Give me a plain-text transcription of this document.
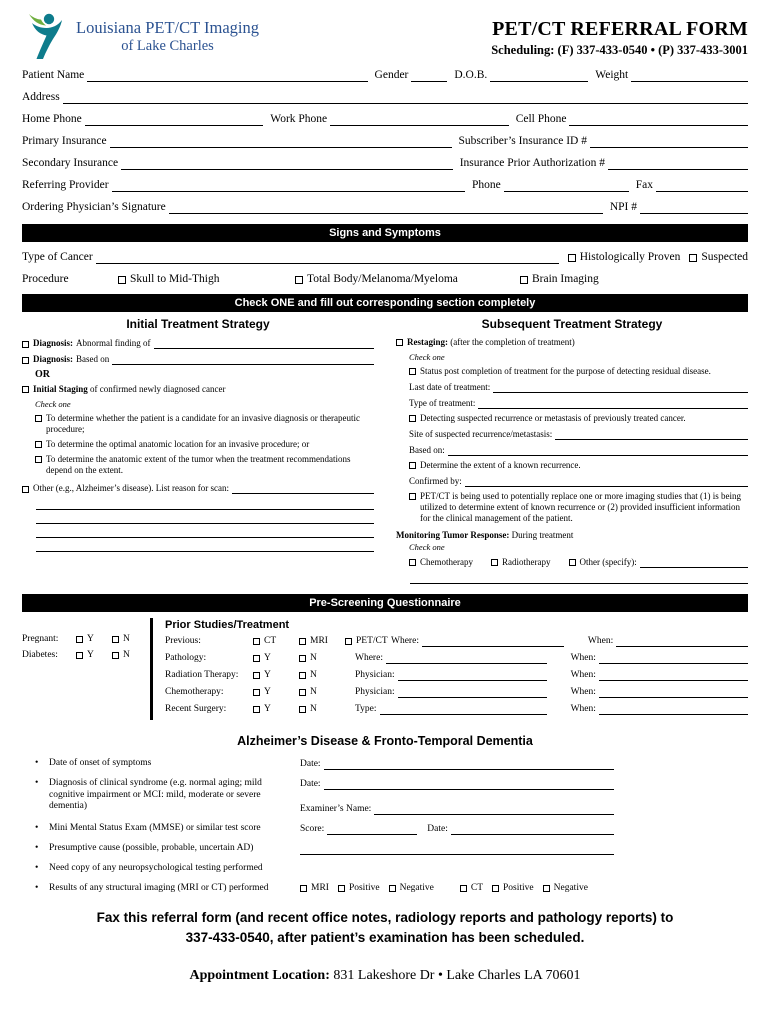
Louisiana PET/CT Imaging
of Lake Charles
PET/CT REFERRAL FORM
Scheduling: (F) 337-433-0540 • (P) 337-433-3001
Patient Name	Gender	D.O.B.	Weight
Address
Home Phone	Work Phone	Cell Phone
Primary Insurance	Subscriber’s Insurance ID #
Secondary Insurance	Insurance Prior Authorization #
Referring Provider	Phone	Fax
Ordering Physician’s Signature	NPI #
Signs and Symptoms
Type of Cancer	Histologically Proven Suspected
Procedure	Skull to Mid-Thigh	Total Body/Melanoma/Myeloma	Brain Imaging
Check ONE and fill out corresponding section completely
Initial Treatment Strategy
Diagnosis: Abnormal finding of
Diagnosis: Based on
OR
Initial Staging of confirmed newly diagnosed cancer
Check one
To determine whether the patient is a candidate for an invasive diagnosis or therapeutic procedure;
To determine the optimal anatomic location for an invasive procedure; or
To determine the anatomic extent of the tumor when the treatment recommendations depend on the extent.
Other (e.g., Alzheimer’s disease). List reason for scan:
Subsequent Treatment Strategy
Restaging: (after the completion of treatment)
Check one
Status post completion of treatment for the purpose of detecting residual disease.
Last date of treatment:
Type of treatment:
Detecting suspected recurrence or metastasis of previously treated cancer.
Site of suspected recurrence/metastasis:
Based on:
Determine the extent of a known recurrence.
Confirmed by:
PET/CT is being used to potentially replace one or more imaging studies that (1) is being utilized to determine extent of known recurrence or (2) provided insufficient information for the clinical management of the patient.
Monitoring Tumor Response: During treatment
Check one
Chemotherapy	Radiotherapy	Other (specify):
Pre-Screening Questionnaire
Pregnant:	Y	N
Diabetes:	Y	N
Prior Studies/Treatment
Previous:	CT	MRI	PET/CT Where:	When:
Pathology:	Y	N	Where:	When:
Radiation Therapy:	Y	N	Physician:	When:
Chemotherapy:	Y	N	Physician:	When:
Recent Surgery:	Y	N	Type:	When:
Alzheimer’s Disease & Fronto-Temporal Dementia
•	Date of onset of symptoms	Date:
•	Diagnosis of clinical syndrome (e.g. normal aging; mild cognitive impairment or MCI: mild, moderate or severe dementia)
Date:
Examiner’s Name:
•	Mini Mental Status Exam (MMSE) or similar test score	Score:	Date:
•	Presumptive cause (possible, probable, uncertain AD)
•	Need copy of any neuropsychological testing performed
•	Results of any structural imaging (MRI or CT) performed	MRI Positive Negative	CT Positive Negative
Fax this referral form (and recent office notes, radiology reports and pathology reports) to
337-433-0540, after patient’s examination has been scheduled.
Appointment Location: 831 Lakeshore Dr • Lake Charles LA 70601
